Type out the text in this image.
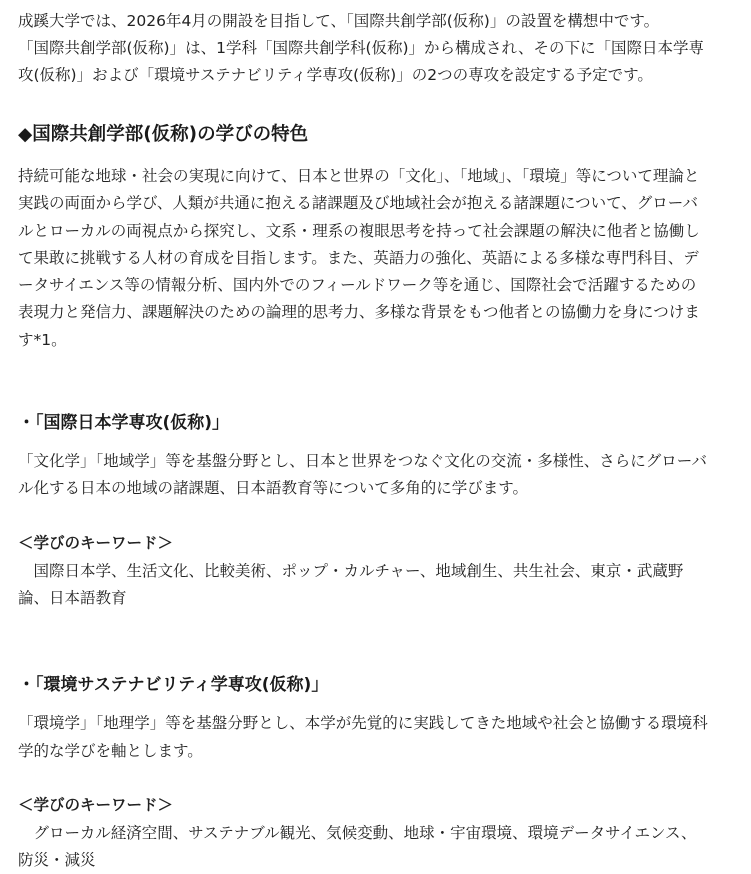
成蹊大学では、2026年4月の開設を目指して、「国際共創学部(仮称)」の設置を構想中です。

「国際共創学部(仮称)」は、1学科「国際共創学科(仮称)」から構成され、その下に「国際日本学専攻(仮称)」および「環境サステナビリティ学専攻(仮称)」の2つの専攻を設定する予定です。

◆国際共創学部(仮称)の学びの特色

持続可能な地球・社会の実現に向けて、日本と世界の「文化」、「地域」、「環境」等について理論と実践の両面から学び、人類が共通に抱える諸課題及び地域社会が抱える諸課題について、グローバルとローカルの両視点から探究し、文系・理系の複眼思考を持って社会課題の解決に他者と協働して果敢に挑戦する人材の育成を目指します。また、英語力の強化、英語による多様な専門科目、データサイエンス等の情報分析、国内外でのフィールドワーク等を通じ、国際社会で活躍するための表現力と発信力、課題解決のための論理的思考力、多様な背景をもつ他者との協働力を身につけます*1。

・「国際日本学専攻(仮称)」

「文化学」「地域学」等を基盤分野とし、日本と世界をつなぐ文化の交流・多様性、さらにグローバル化する日本の地域の諸課題、日本語教育等について多角的に学びます。

＜学びのキーワード＞

国際日本学、生活文化、比較美術、ポップ・カルチャー、地域創生、共生社会、東京・武蔵野論、日本語教育

・「環境サステナビリティ学専攻(仮称)」

「環境学」「地理学」等を基盤分野とし、本学が先覚的に実践してきた地域や社会と協働する環境科学的な学びを軸とします。

＜学びのキーワード＞

グローカル経済空間、サステナブル観光、気候変動、地球・宇宙環境、環境データサイエンス、防災・減災
